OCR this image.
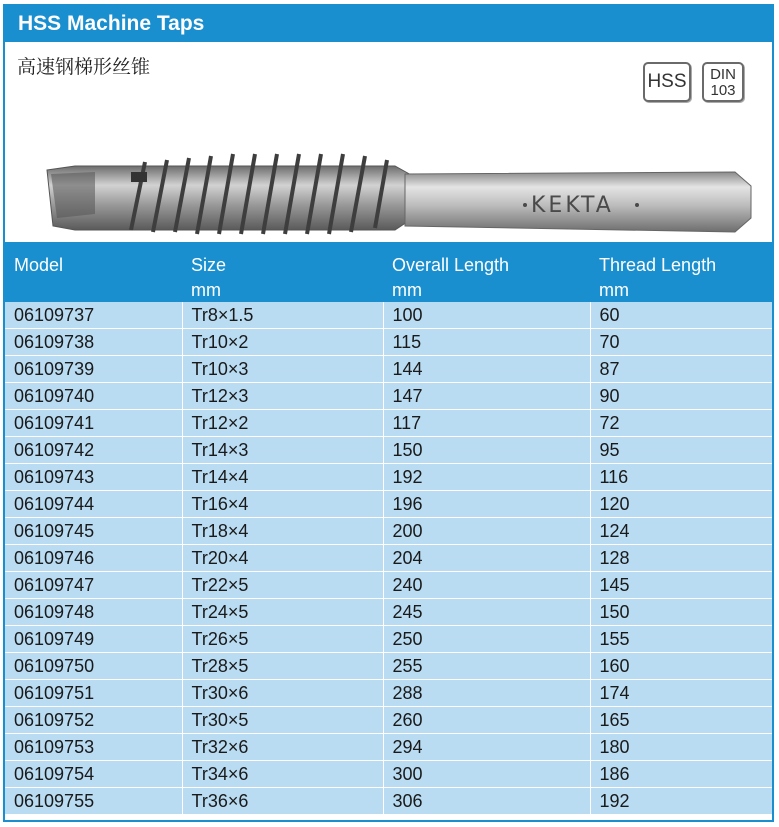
HSS Machine Taps
高速钢梯形丝锥
HSS	DIN
103
KEKTA
Model	Size	Overall Length	Thread Length
	mm	mm	mm
06109737	Tr8×1.5	100	60
06109738	Tr10×2	115	70
06109739	Tr10×3	144	87
06109740	Tr12×3	147	90
06109741	Tr12×2	117	72
06109742	Tr14×3	150	95
06109743	Tr14×4	192	116
06109744	Tr16×4	196	120
06109745	Tr18×4	200	124
06109746	Tr20×4	204	128
06109747	Tr22×5	240	145
06109748	Tr24×5	245	150
06109749	Tr26×5	250	155
06109750	Tr28×5	255	160
06109751	Tr30×6	288	174
06109752	Tr30×5	260	165
06109753	Tr32×6	294	180
06109754	Tr34×6	300	186
06109755	Tr36×6	306	192
